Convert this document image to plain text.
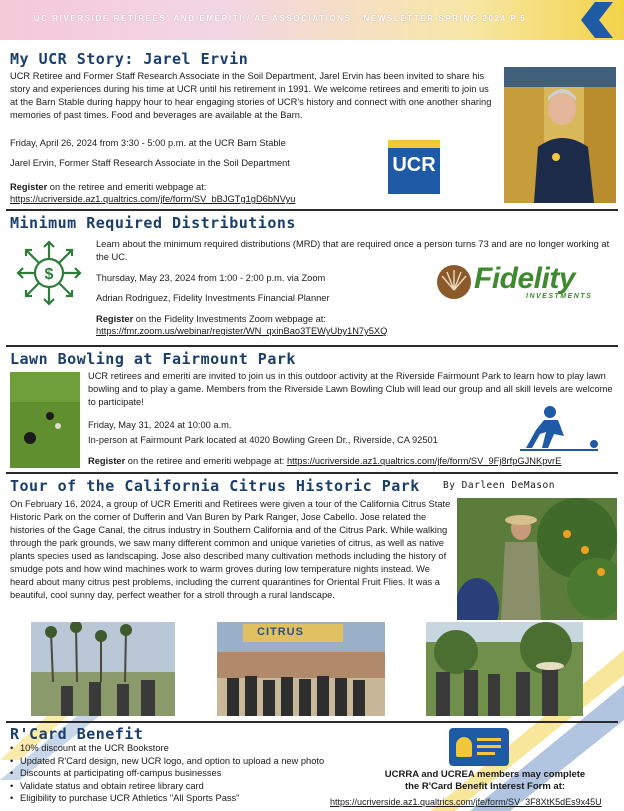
UC RIVERSIDE RETIREES' AND EMERITI / AE ASSOCIATIONS - NEWSLETTER SPRING 2024 P.5
My UCR Story: Jarel Ervin
UCR Retiree and Former Staff Research Associate in the Soil Department, Jarel Ervin has been invited to share his story and experiences during his time at UCR until his retirement in 1991. We welcome retirees and emeriti to join us at the Barn Stable during happy hour to hear engaging stories of UCR's history and connect with one another sharing memories of past times. Food and beverages are available at the Barn.
Friday, April 26, 2024 from 3:30 - 5:00 p.m. at the UCR Barn Stable
Jarel Ervin, Former Staff Research Associate in the Soil Department
Register on the retiree and emeriti webpage at:
https://ucriverside.az1.qualtrics.com/jfe/form/SV_bBJGTg1gD6bNVyu
UCR
Minimum Required Distributions
$
Learn about the minimum required distributions (MRD) that are required once a person turns 73 and are no longer working at the UC.
Thursday, May 23, 2024 from 1:00 - 2:00 p.m. via Zoom
Adrian Rodriguez, Fidelity Investments Financial Planner
Register on the Fidelity Investments Zoom webpage at:
https://fmr.zoom.us/webinar/register/WN_qxinBao3TEWyUby1N7y5XQ
Fidelity
INVESTMENTS
Lawn Bowling at Fairmount Park
UCR retirees and emeriti are invited to join us in this outdoor activity at the Riverside Fairmount Park to learn how to play lawn bowling and to play a game. Members from the Riverside Lawn Bowling Club will lead our group and all skill levels are welcome to participate!
Friday, May 31, 2024 at 10:00 a.m.
In-person at Fairmount Park located at 4020 Bowling Green Dr., Riverside, CA 92501
Register on the retiree and emeriti webpage at: https://ucriverside.az1.qualtrics.com/jfe/form/SV_9Fj8rfpGJNKpvrE
Tour of the California Citrus Historic Park By Darleen DeMason
On February 16, 2024, a group of UCR Emeriti and Retirees were given a tour of the California Citrus State Historic Park on the corner of Dufferin and Van Buren by Park Ranger, Jose Cabello. Jose related the histories of the Gage Canal, the citrus industry in Southern California and of the Citrus Park. While walking through the park grounds, we saw many different common and unique varieties of citrus, as well as native plants species used as landscaping. Jose also described many cultivation methods including the history of smudge pots and how wind machines work to warm groves during low temperature nights instead. We heard about many citrus pest problems, including the current quarantines for Oriental Fruit Flies. It was a beautiful, cool sunny day, perfect weather for a stroll through a rural landscape.
CITRUS
R'Card Benefit
• 10% discount at the UCR Bookstore
• Updated R'Card design, new UCR logo, and option to upload a new photo
• Discounts at participating off-campus businesses
• Validate status and obtain retiree library card
• Eligibility to purchase UCR Athletics "All Sports Pass"
UCRRA and UCREA members may complete
the R'Card Benefit Interest Form at:
https://ucriverside.az1.qualtrics.com/jfe/form/SV_3F8XtK5dEs9x45U
